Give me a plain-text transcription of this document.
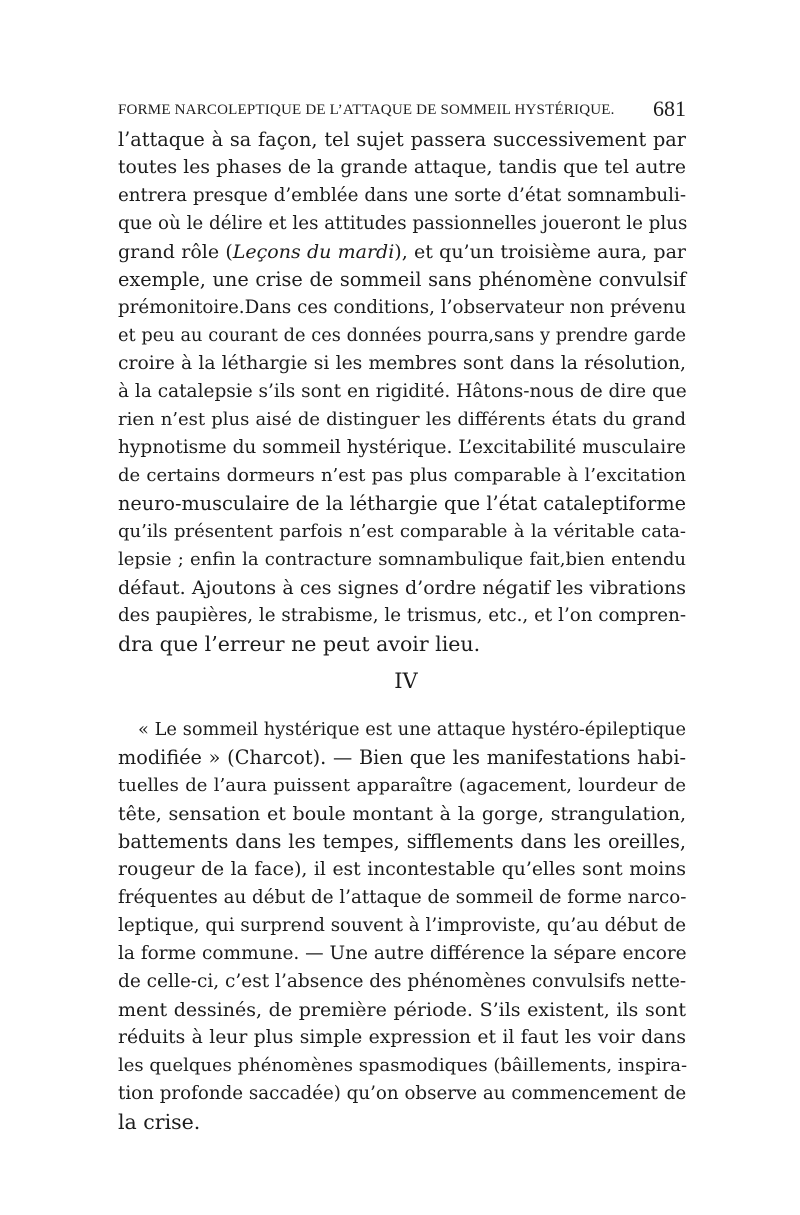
FORME NARCOLEPTIQUE DE L’ATTAQUE DE SOMMEIL HYSTÉRIQUE. 681
l’attaque à sa façon, tel sujet passera successivement par
toutes les phases de la grande attaque, tandis que tel autre
entrera presque d’emblée dans une sorte d’état somnambuli-
que où le délire et les attitudes passionnelles joueront le plus
grand rôle (Leçons du mardi), et qu’un troisième aura, par
exemple, une crise de sommeil sans phénomène convulsif
prémonitoire.Dans ces conditions, l’observateur non prévenu
et peu au courant de ces données pourra,sans y prendre garde
croire à la léthargie si les membres sont dans la résolution,
à la catalepsie s’ils sont en rigidité. Hâtons-nous de dire que
rien n’est plus aisé de distinguer les différents états du grand
hypnotisme du sommeil hystérique. L’excitabilité musculaire
de certains dormeurs n’est pas plus comparable à l’excitation
neuro-musculaire de la léthargie que l’état cataleptiforme
qu’ils présentent parfois n’est comparable à la véritable cata-
lepsie ; enfin la contracture somnambulique fait,bien entendu
défaut. Ajoutons à ces signes d’ordre négatif les vibrations
des paupières, le strabisme, le trismus, etc., et l’on compren-
dra que l’erreur ne peut avoir lieu.
IV
« Le sommeil hystérique est une attaque hystéro-épileptique
modifiée » (Charcot). — Bien que les manifestations habi-
tuelles de l’aura puissent apparaître (agacement, lourdeur de
tête, sensation et boule montant à la gorge, strangulation,
battements dans les tempes, sifflements dans les oreilles,
rougeur de la face), il est incontestable qu’elles sont moins
fréquentes au début de l’attaque de sommeil de forme narco-
leptique, qui surprend souvent à l’improviste, qu’au début de
la forme commune. — Une autre différence la sépare encore
de celle-ci, c’est l’absence des phénomènes convulsifs nette-
ment dessinés, de première période. S’ils existent, ils sont
réduits à leur plus simple expression et il faut les voir dans
les quelques phénomènes spasmodiques (bâillements, inspira-
tion profonde saccadée) qu’on observe au commencement de
la crise.
